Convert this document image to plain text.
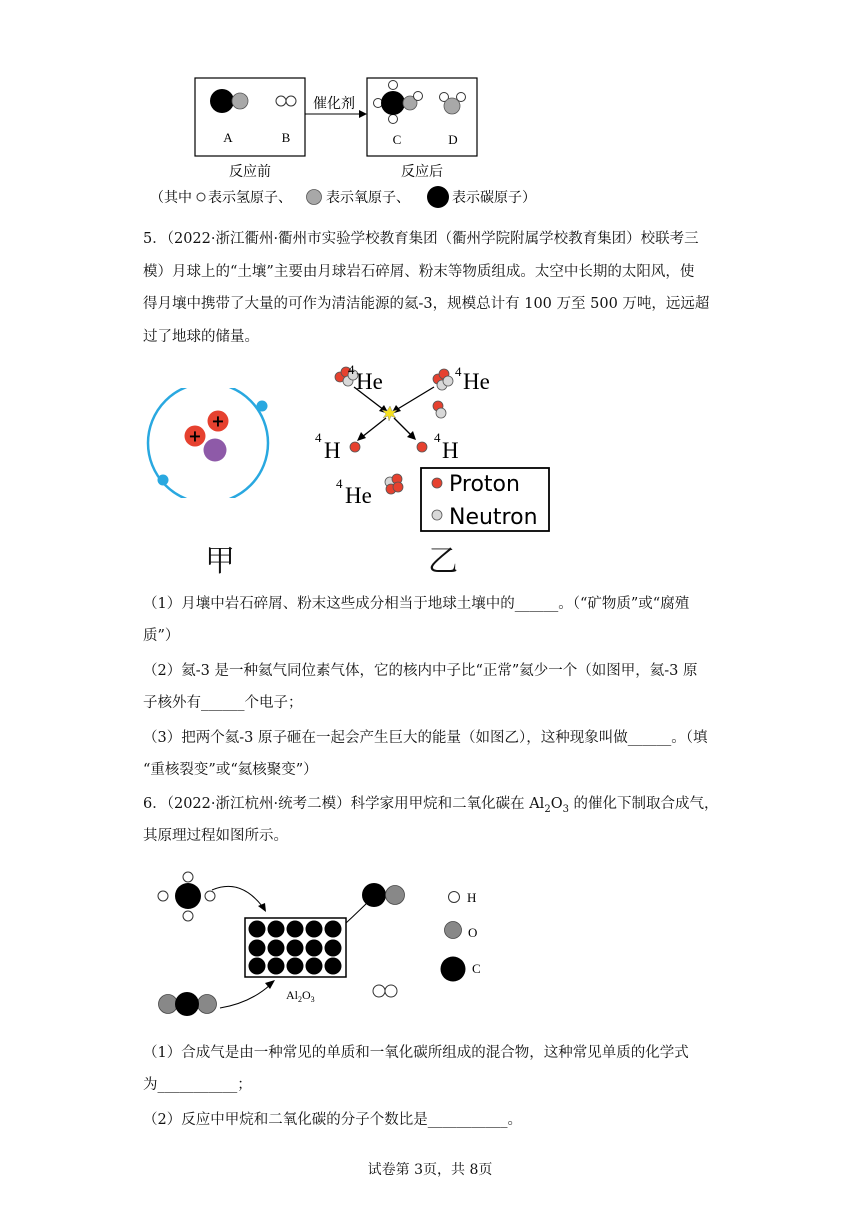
A	B
催化剂
C	D
反应前	反应后
（其中 表示氢原子、 表示氧原子、	表示碳原子）
5．（2022·浙江衢州·衢州市实验学校教育集团（衢州学院附属学校教育集团）校联考三
模）月球上的“土壤”主要由月球岩石碎屑、粉末等物质组成。太空中长期的太阳风，使
得月壤中携带了大量的可作为清洁能源的氦-3，规模总计有 100 万至 500 万吨，远远超
过了地球的储量。
+
+
4 He	4 He
4
H
4
H
4 He	Proton
Neutron
甲	乙
（1）月壤中岩石碎屑、粉末这些成分相当于地球土壤中的______。（“矿物质”或“腐殖
质”）
（2）氦-3 是一种氦气同位素气体，它的核内中子比“正常”氦少一个（如图甲，氦-3 原
子核外有______个电子；
（3）把两个氦-3 原子砸在一起会产生巨大的能量（如图乙），这种现象叫做______。（填
“重核裂变”或“氦核聚变”）
6．（2022·浙江杭州·统考二模）科学家用甲烷和二氧化碳在 $Al_2O_3$ 的催化下制取合成气，
其原理过程如图所示。
$Al_2O_3$
H
O
C
（1）合成气是由一种常见的单质和一氧化碳所组成的混合物，这种常见单质的化学式
为___________；
（2）反应中甲烷和二氧化碳的分子个数比是___________。
试卷第 3页，共 8页
